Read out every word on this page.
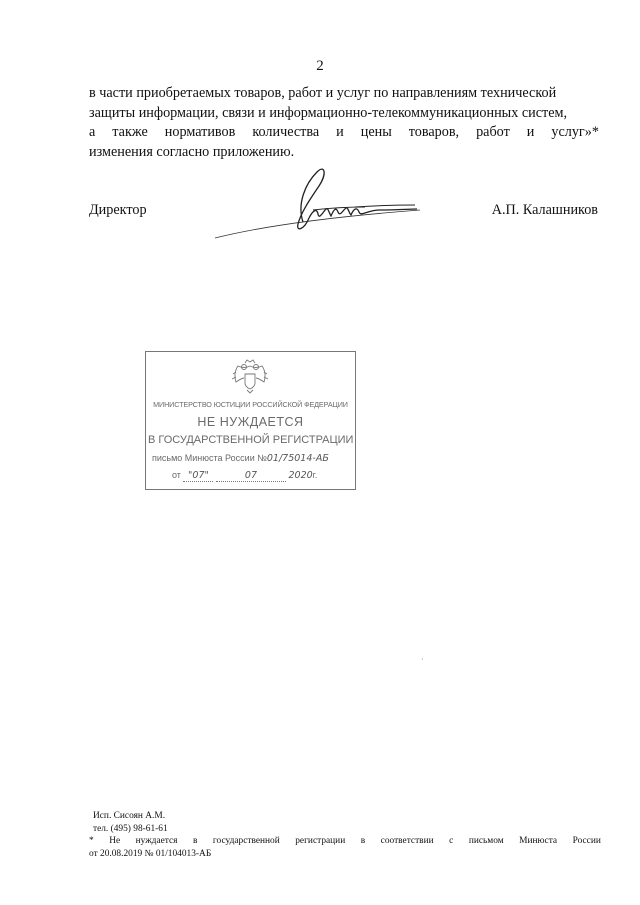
2
в части приобретаемых товаров, работ и услуг по направлениям технической
защиты информации, связи и информационно-телекоммуникационных систем,
а также нормативов количества и цены товаров, работ и услуг»*
изменения согласно приложению.
Директор	А.П. Калашников
МИНИСТЕРСТВО ЮСТИЦИИ РОССИЙСКОЙ ФЕДЕРАЦИИ
НЕ НУЖДАЕТСЯ
В ГОСУДАРСТВЕННОЙ РЕГИСТРАЦИИ
письмо Минюста России №01/75014-АБ
от "07"	07	2020г.
·
Исп. Сисоян А.М.
тел. (495) 98-61-61
* Не нуждается в государственной регистрации в соответствии с письмом Минюста России
от 20.08.2019 № 01/104013-АБ
